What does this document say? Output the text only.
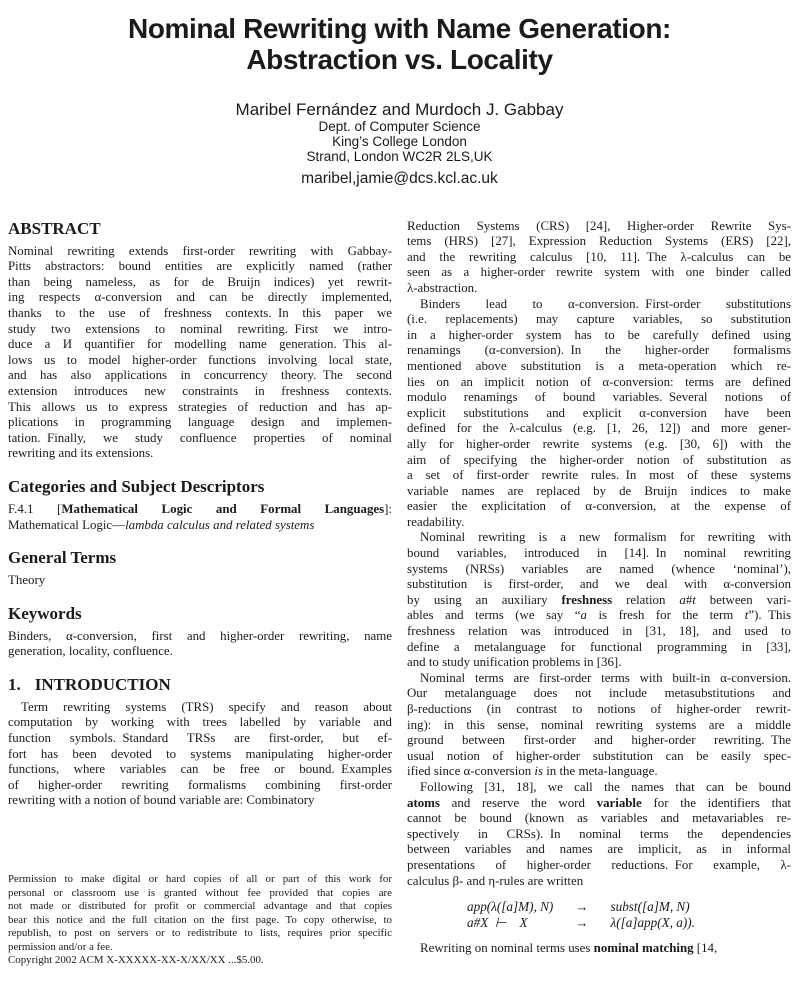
Nominal Rewriting with Name Generation:
Abstraction vs. Locality
Maribel Fernández and Murdoch J. Gabbay
Dept. of Computer Science
King’s College London
Strand, London WC2R 2LS,UK
maribel,jamie@dcs.kcl.ac.uk
ABSTRACT
Nominal rewriting extends first-order rewriting with Gabbay-
Pitts abstractors: bound entities are explicitly named (rather
than being nameless, as for de Bruijn indices) yet rewrit-
ing respects α-conversion and can be directly implemented,
thanks to the use of freshness contexts. In this paper we
study two extensions to nominal rewriting. First we intro-
duce a И quantifier for modelling name generation. This al-
lows us to model higher-order functions involving local state,
and has also applications in concurrency theory. The second
extension introduces new constraints in freshness contexts.
This allows us to express strategies of reduction and has ap-
plications in programming language design and implemen-
tation. Finally, we study confluence properties of nominal
rewriting and its extensions.
Categories and Subject Descriptors
F.4.1 [Mathematical Logic and Formal Languages]:
Mathematical Logic—lambda calculus and related systems
General Terms
Theory
Keywords
Binders, α-conversion, first and higher-order rewriting, name
generation, locality, confluence.
1. INTRODUCTION
Term rewriting systems (TRS) specify and reason about
computation by working with trees labelled by variable and
function symbols. Standard TRSs are first-order, but ef-
fort has been devoted to systems manipulating higher-order
functions, where variables can be free or bound. Examples
of higher-order rewriting formalisms combining first-order
rewriting with a notion of bound variable are: Combinatory
Permission to make digital or hard copies of all or part of this work for
personal or classroom use is granted without fee provided that copies are
not made or distributed for profit or commercial advantage and that copies
bear this notice and the full citation on the first page. To copy otherwise, to
republish, to post on servers or to redistribute to lists, requires prior specific
permission and/or a fee.
Copyright 2002 ACM X-XXXXX-XX-X/XX/XX ...$5.00.
Reduction Systems (CRS) [24], Higher-order Rewrite Sys-
tems (HRS) [27], Expression Reduction Systems (ERS) [22],
and the rewriting calculus [10, 11]. The λ-calculus can be
seen as a higher-order rewrite system with one binder called
λ-abstraction.
Binders lead to α-conversion. First-order substitutions
(i.e. replacements) may capture variables, so substitution
in a higher-order system has to be carefully defined using
renamings (α-conversion). In the higher-order formalisms
mentioned above substitution is a meta-operation which re-
lies on an implicit notion of α-conversion: terms are defined
modulo renamings of bound variables. Several notions of
explicit substitutions and explicit α-conversion have been
defined for the λ-calculus (e.g. [1, 26, 12]) and more gener-
ally for higher-order rewrite systems (e.g. [30, 6]) with the
aim of specifying the higher-order notion of substitution as
a set of first-order rewrite rules. In most of these systems
variable names are replaced by de Bruijn indices to make
easier the explicitation of α-conversion, at the expense of
readability.
Nominal rewriting is a new formalism for rewriting with
bound variables, introduced in [14]. In nominal rewriting
systems (NRSs) variables are named (whence ‘nominal’),
substitution is first-order, and we deal with α-conversion
by using an auxiliary freshness relation a#t between vari-
ables and terms (we say “a is fresh for the term t”). This
freshness relation was introduced in [31, 18], and used to
define a metalanguage for functional programming in [33],
and to study unification problems in [36].
Nominal terms are first-order terms with built-in α-conversion.
Our metalanguage does not include metasubstitutions and
β-reductions (in contrast to notions of higher-order rewrit-
ing): in this sense, nominal rewriting systems are a middle
ground between first-order and higher-order rewriting. The
usual notion of higher-order substitution can be easily spec-
ified since α-conversion is in the meta-language.
Following [31, 18], we call the names that can be bound
atoms and reserve the word variable for the identifiers that
cannot be bound (known as variables and metavariables re-
spectively in CRSs). In nominal terms the dependencies
between variables and names are implicit, as in informal
presentations of higher-order reductions. For example, λ-
calculus β- and η-rules are written
app(λ([a]M), N) → subst([a]M, N)
a#X ⊢ X	→ λ([a]app(X, a)).
Rewriting on nominal terms uses nominal matching [14,
